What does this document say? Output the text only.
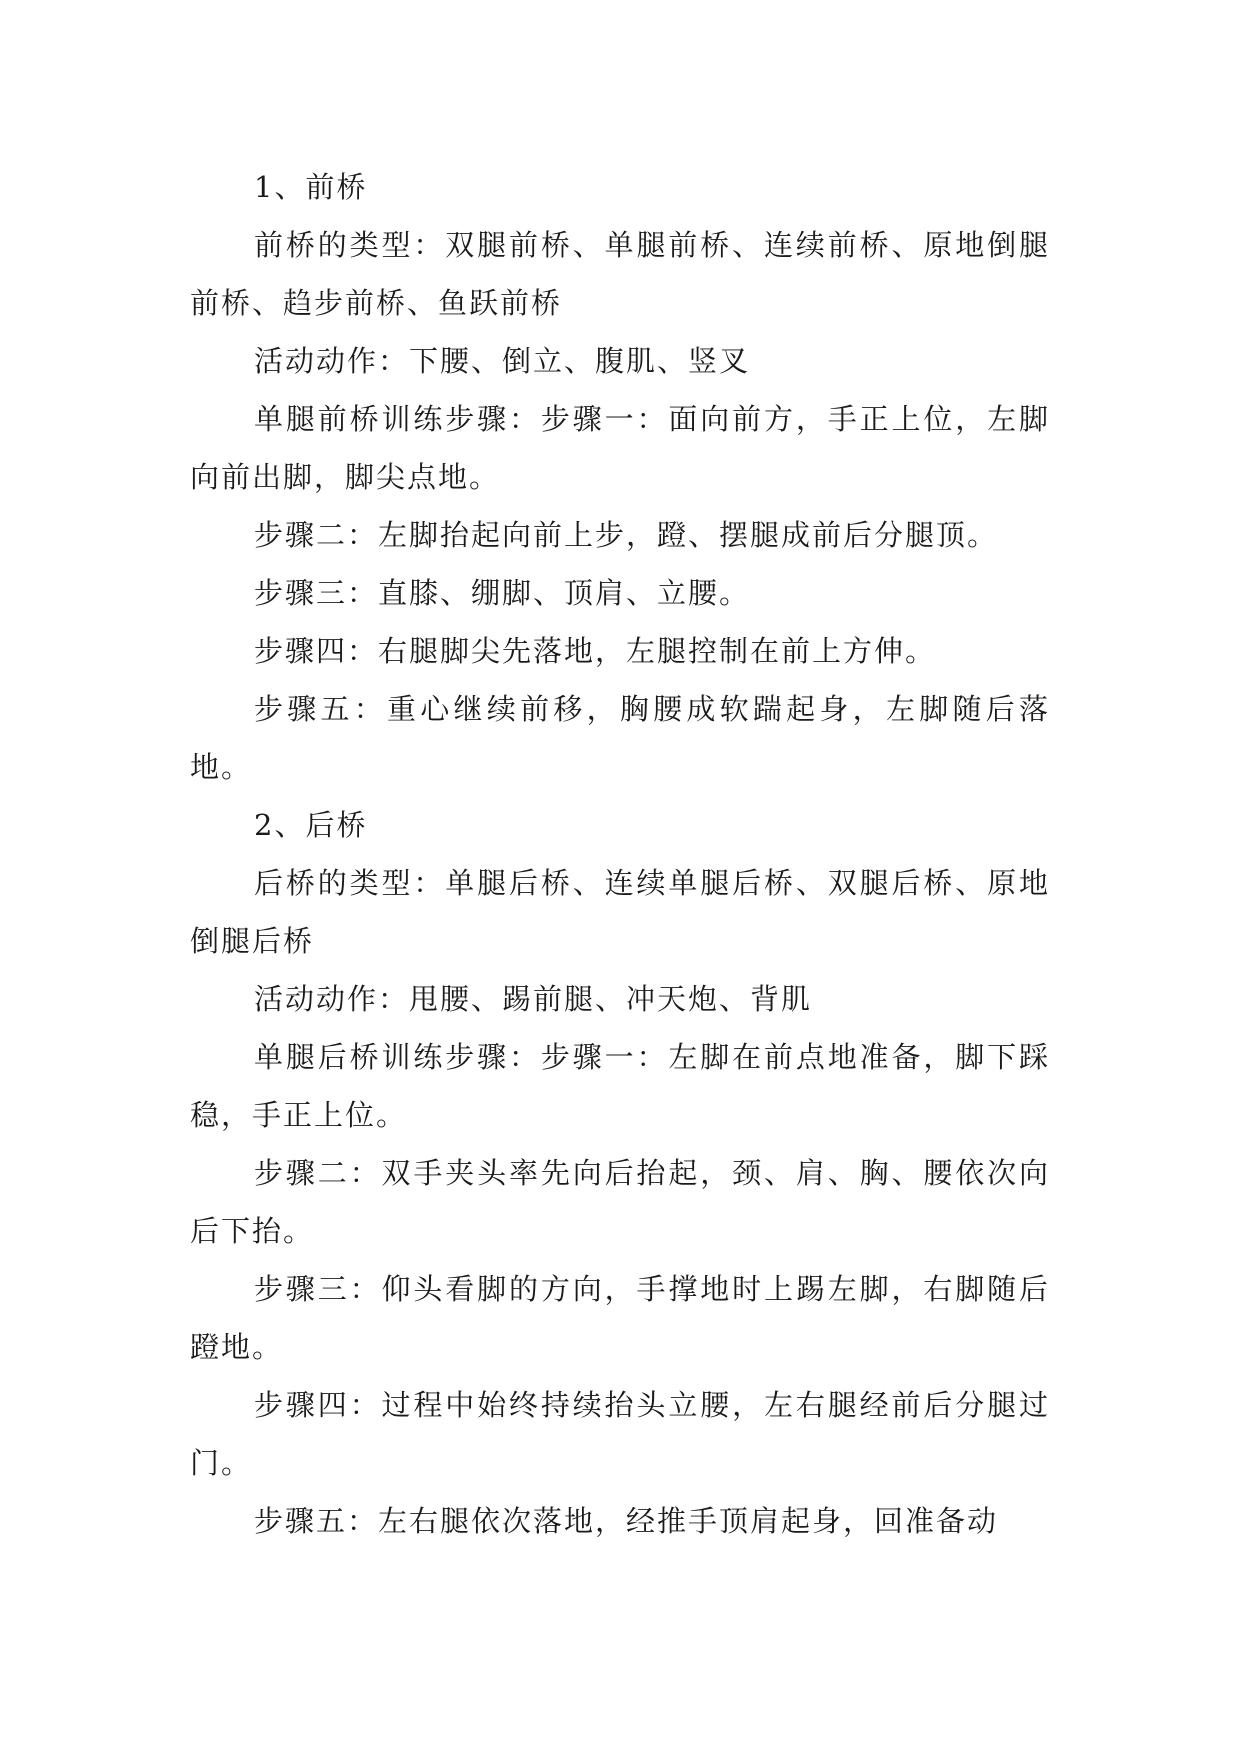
1、前桥

前桥的类型：双腿前桥、单腿前桥、连续前桥、原地倒腿前桥、趋步前桥、鱼跃前桥

活动动作：下腰、倒立、腹肌、竖叉

单腿前桥训练步骤：步骤一：面向前方，手正上位，左脚向前出脚，脚尖点地。

步骤二：左脚抬起向前上步，蹬、摆腿成前后分腿顶。

步骤三：直膝、绷脚、顶肩、立腰。

步骤四：右腿脚尖先落地，左腿控制在前上方伸。

步骤五：重心继续前移，胸腰成软踹起身，左脚随后落地。

2、后桥

后桥的类型：单腿后桥、连续单腿后桥、双腿后桥、原地倒腿后桥

活动动作：甩腰、踢前腿、冲天炮、背肌

单腿后桥训练步骤：步骤一：左脚在前点地准备，脚下踩稳，手正上位。

步骤二：双手夹头率先向后抬起，颈、肩、胸、腰依次向后下抬。

步骤三：仰头看脚的方向，手撑地时上踢左脚，右脚随后蹬地。

步骤四：过程中始终持续抬头立腰，左右腿经前后分腿过门。

步骤五：左右腿依次落地，经推手顶肩起身，回准备动
